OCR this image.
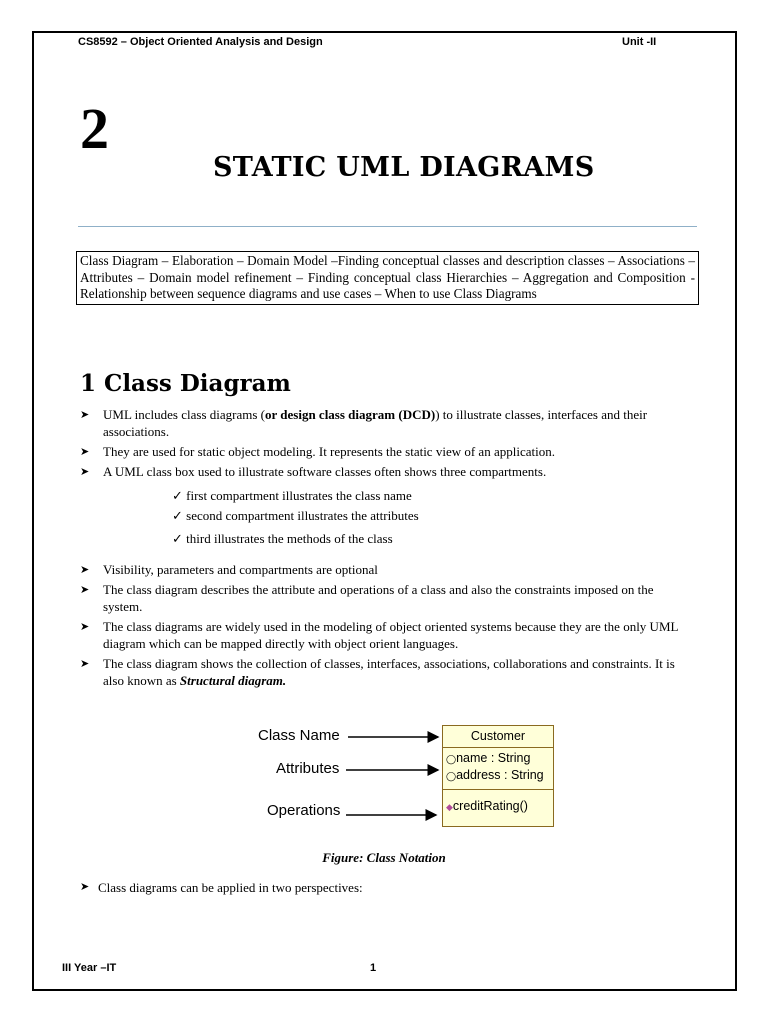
CS8592 – Object Oriented Analysis and Design	Unit -II
2
STATIC UML DIAGRAMS
Class Diagram – Elaboration – Domain Model –Finding conceptual classes and description classes – Associations – Attributes – Domain model refinement – Finding conceptual class Hierarchies – Aggregation and Composition -Relationship between sequence diagrams and use cases – When to use Class Diagrams
1 Class Diagram
➤ UML includes class diagrams (or design class diagram (DCD)) to illustrate classes, interfaces and their associations.
➤ They are used for static object modeling. It represents the static view of an application.
➤ A UML class box used to illustrate software classes often shows three compartments.
✓ first compartment illustrates the class name
✓ second compartment illustrates the attributes
✓ third illustrates the methods of the class
➤ Visibility, parameters and compartments are optional
➤ The class diagram describes the attribute and operations of a class and also the constraints imposed on the system.
➤ The class diagrams are widely used in the modeling of object oriented systems because they are the only UML diagram which can be mapped directly with object orient languages.
➤ The class diagram shows the collection of classes, interfaces, associations, collaborations and constraints. It is also known as Structural diagram.
Class Name
Attributes
Operations
Customer
◯name : String
◯address : String
◆creditRating()
Figure: Class Notation
➤ Class diagrams can be applied in two perspectives:
III Year –IT	1
